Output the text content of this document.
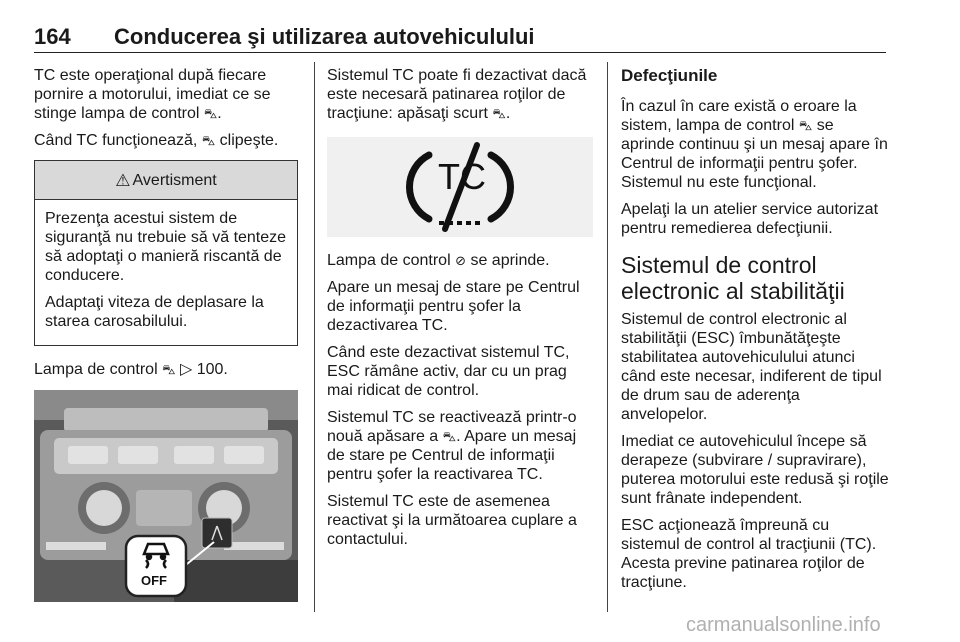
164 Conducerea şi utilizarea autovehiculului

TC este operaţional după fiecare pornire a motorului, imediat ce se stinge lampa de control ⛍.

Când TC funcţionează, ⛍ clipeşte.

⚠ Avertisment

Prezenţa acestui sistem de siguranţă nu trebuie să vă tenteze să adoptaţi o manieră riscantă de conducere.

Adaptaţi viteza de deplasare la starea carosabilului.

Lampa de control ⛍ ▷ 100.

OFF

Sistemul TC poate fi dezactivat dacă este necesară patinarea roţilor de tracţiune: apăsaţi scurt ⛍.

TC

Lampa de control ⊘ se aprinde.

Apare un mesaj de stare pe Centrul de informaţii pentru şofer la dezactivarea TC.

Când este dezactivat sistemul TC, ESC rămâne activ, dar cu un prag mai ridicat de control.

Sistemul TC se reactivează printr-o nouă apăsare a ⛍. Apare un mesaj de stare pe Centrul de informaţii pentru şofer la reactivarea TC.

Sistemul TC este de asemenea reactivat şi la următoarea cuplare a contactului.

Defecţiunile

În cazul în care există o eroare la sistem, lampa de control ⛍ se aprinde continuu şi un mesaj apare în Centrul de informaţii pentru şofer. Sistemul nu este funcţional.

Apelaţi la un atelier service autorizat pentru remedierea defecţiunii.

Sistemul de control electronic al stabilităţii

Sistemul de control electronic al stabilităţii (ESC) îmbunătăţeşte stabilitatea autovehiculului atunci când este necesar, indiferent de tipul de drum sau de aderenţa anvelopelor.

Imediat ce autovehiculul începe să derapeze (subvirare / supravirare), puterea motorului este redusă şi roţile sunt frânate independent.

ESC acţionează împreună cu sistemul de control al tracţiunii (TC). Acesta previne patinarea roţilor de tracţiune.

carmanualsonline.info
